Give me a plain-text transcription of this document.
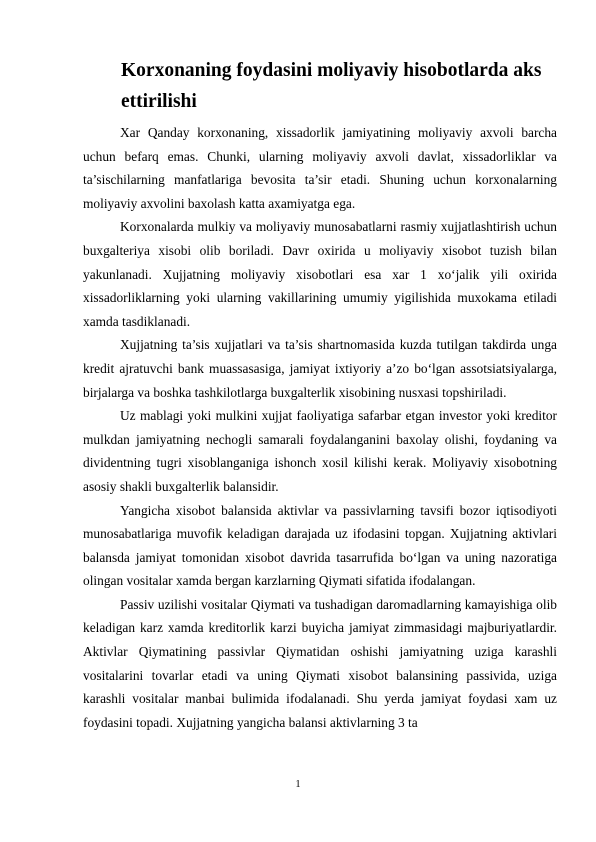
Korxonaning foydasini moliyaviy hisobotlarda aks ettirilishi

Xar Qanday korxonaning, xissadorlik jamiyatining moliyaviy axvoli barcha uchun befarq emas. Chunki, ularning moliyaviy axvoli davlat, xissadorliklar va ta’sischilarning manfatlariga bevosita ta’sir etadi. Shuning uchun korxonalarning moliyaviy axvolini baxolash katta axamiyatga ega.

Korxonalarda mulkiy va moliyaviy munosabatlarni rasmiy xujjatlashtirish uchun buxgalteriya xisobi olib boriladi. Davr oxirida u moliyaviy xisobot tuzish bilan yakunlanadi. Xujjatning moliyaviy xisobotlari esa xar 1 xo‘jalik yili oxirida xissadorliklarning yoki ularning vakillarining umumiy yigilishida muxokama etiladi xamda tasdiklanadi.

Xujjatning ta’sis xujjatlari va ta’sis shartnomasida kuzda tutilgan takdirda unga kredit ajratuvchi bank muassasasiga, jamiyat ixtiyoriy a’zo bo‘lgan assotsiatsiyalarga, birjalarga va boshka tashkilotlarga buxgalterlik xisobining nusxasi topshiriladi.

Uz mablagi yoki mulkini xujjat faoliyatiga safarbar etgan investor yoki kreditor mulkdan jamiyatning nechogli samarali foydalanganini baxolay olishi, foydaning va dividentning tugri xisoblanganiga ishonch xosil kilishi kerak. Moliyaviy xisobotning asosiy shakli buxgalterlik balansidir.

Yangicha xisobot balansida aktivlar va passivlarning tavsifi bozor iqtisodiyoti munosabatlariga muvofik keladigan darajada uz ifodasini topgan. Xujjatning aktivlari balansda jamiyat tomonidan xisobot davrida tasarrufida bo‘lgan va uning nazoratiga olingan vositalar xamda bergan karzlarning Qiymati sifatida ifodalangan.

Passiv uzilishi vositalar Qiymati va tushadigan daromadlarning kamayishiga olib keladigan karz xamda kreditorlik karzi buyicha jamiyat zimmasidagi majburiyatlardir. Aktivlar Qiymatining passivlar Qiymatidan oshishi jamiyatning uziga karashli vositalarini tovarlar etadi va uning Qiymati xisobot balansining passivida, uziga karashli vositalar manbai bulimida ifodalanadi. Shu yerda jamiyat foydasi xam uz foydasini topadi. Xujjatning yangicha balansi aktivlarning 3 ta

1
